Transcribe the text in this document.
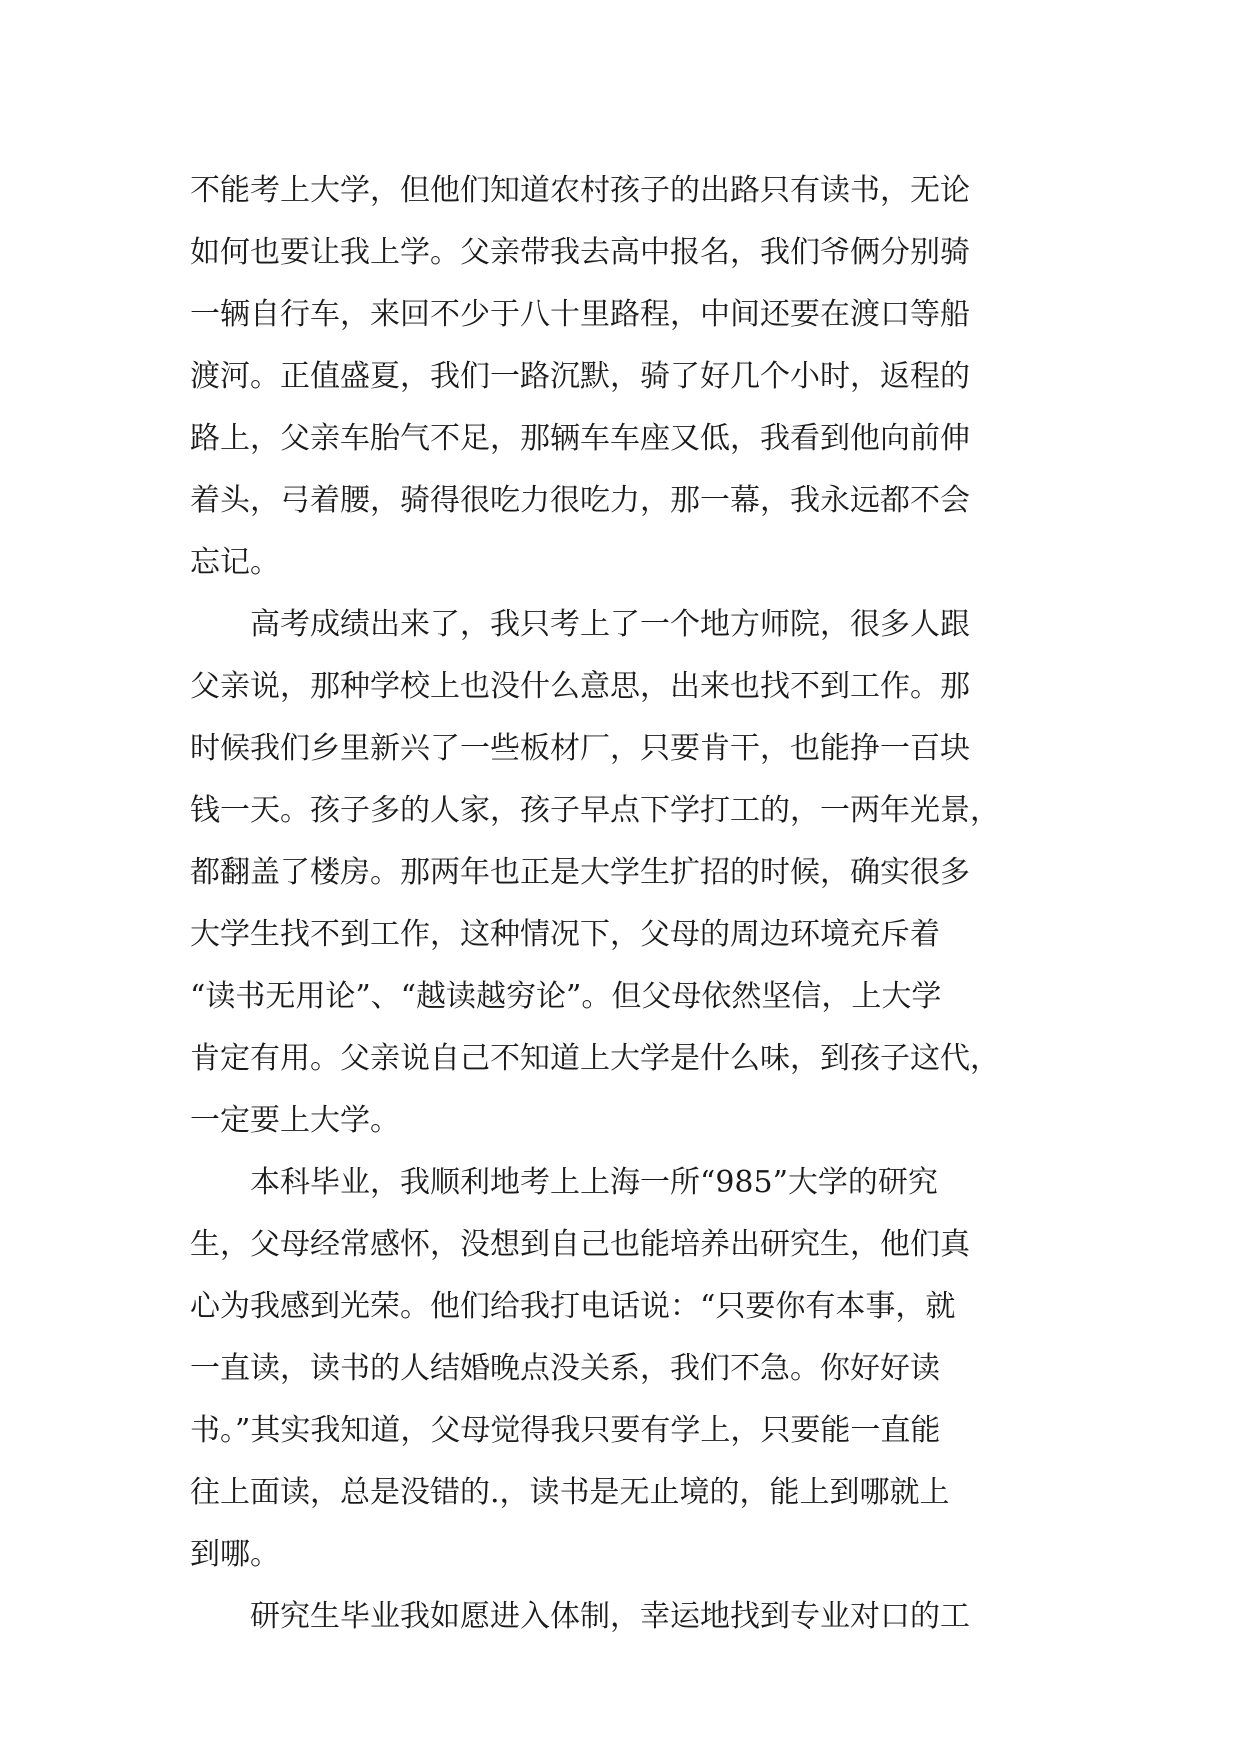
不能考上大学，但他们知道农村孩子的出路只有读书，无论
如何也要让我上学。父亲带我去高中报名，我们爷俩分别骑
一辆自行车，来回不少于八十里路程，中间还要在渡口等船
渡河。正值盛夏，我们一路沉默，骑了好几个小时，返程的
路上，父亲车胎气不足，那辆车车座又低，我看到他向前伸
着头，弓着腰，骑得很吃力很吃力，那一幕，我永远都不会
忘记。
　　高考成绩出来了，我只考上了一个地方师院，很多人跟
父亲说，那种学校上也没什么意思，出来也找不到工作。那
时候我们乡里新兴了一些板材厂，只要肯干，也能挣一百块
钱一天。孩子多的人家，孩子早点下学打工的，一两年光景，
都翻盖了楼房。那两年也正是大学生扩招的时候，确实很多
大学生找不到工作，这种情况下，父母的周边环境充斥着
“读书无用论”、“越读越穷论”。但父母依然坚信，上大学
肯定有用。父亲说自己不知道上大学是什么味，到孩子这代，
一定要上大学。
　　本科毕业，我顺利地考上上海一所“985”大学的研究
生，父母经常感怀，没想到自己也能培养出研究生，他们真
心为我感到光荣。他们给我打电话说：“只要你有本事，就
一直读，读书的人结婚晚点没关系，我们不急。你好好读
书。”其实我知道，父母觉得我只要有学上，只要能一直能
往上面读，总是没错的.，读书是无止境的，能上到哪就上
到哪。
　　研究生毕业我如愿进入体制，幸运地找到专业对口的工
